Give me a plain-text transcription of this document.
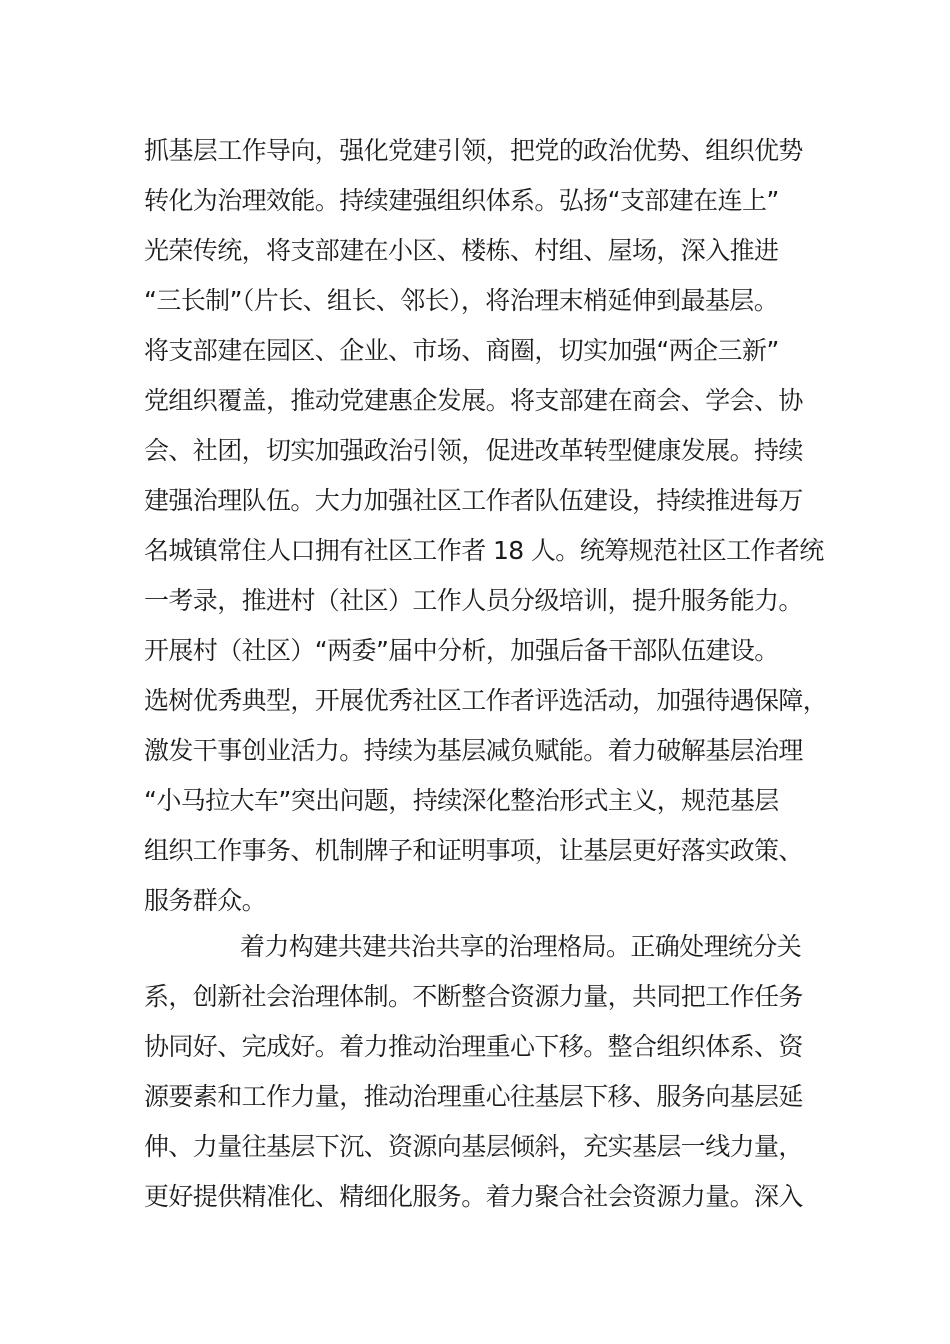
抓基层工作导向，强化党建引领，把党的政治优势、组织优势
转化为治理效能。持续建强组织体系。弘扬“支部建在连上”
光荣传统，将支部建在小区、楼栋、村组、屋场，深入推进
“三长制”（片长、组长、邻长），将治理末梢延伸到最基层。
将支部建在园区、企业、市场、商圈，切实加强“两企三新”
党组织覆盖，推动党建惠企发展。将支部建在商会、学会、协
会、社团，切实加强政治引领，促进改革转型健康发展。持续
建强治理队伍。大力加强社区工作者队伍建设，持续推进每万
名城镇常住人口拥有社区工作者 18 人。统筹规范社区工作者统
一考录，推进村（社区）工作人员分级培训，提升服务能力。
开展村（社区）“两委”届中分析，加强后备干部队伍建设。
选树优秀典型，开展优秀社区工作者评选活动，加强待遇保障，
激发干事创业活力。持续为基层减负赋能。着力破解基层治理
“小马拉大车”突出问题，持续深化整治形式主义，规范基层
组织工作事务、机制牌子和证明事项，让基层更好落实政策、
服务群众。
着力构建共建共治共享的治理格局。正确处理统分关
系，创新社会治理体制。不断整合资源力量，共同把工作任务
协同好、完成好。着力推动治理重心下移。整合组织体系、资
源要素和工作力量，推动治理重心往基层下移、服务向基层延
伸、力量往基层下沉、资源向基层倾斜，充实基层一线力量，
更好提供精准化、精细化服务。着力聚合社会资源力量。深入
